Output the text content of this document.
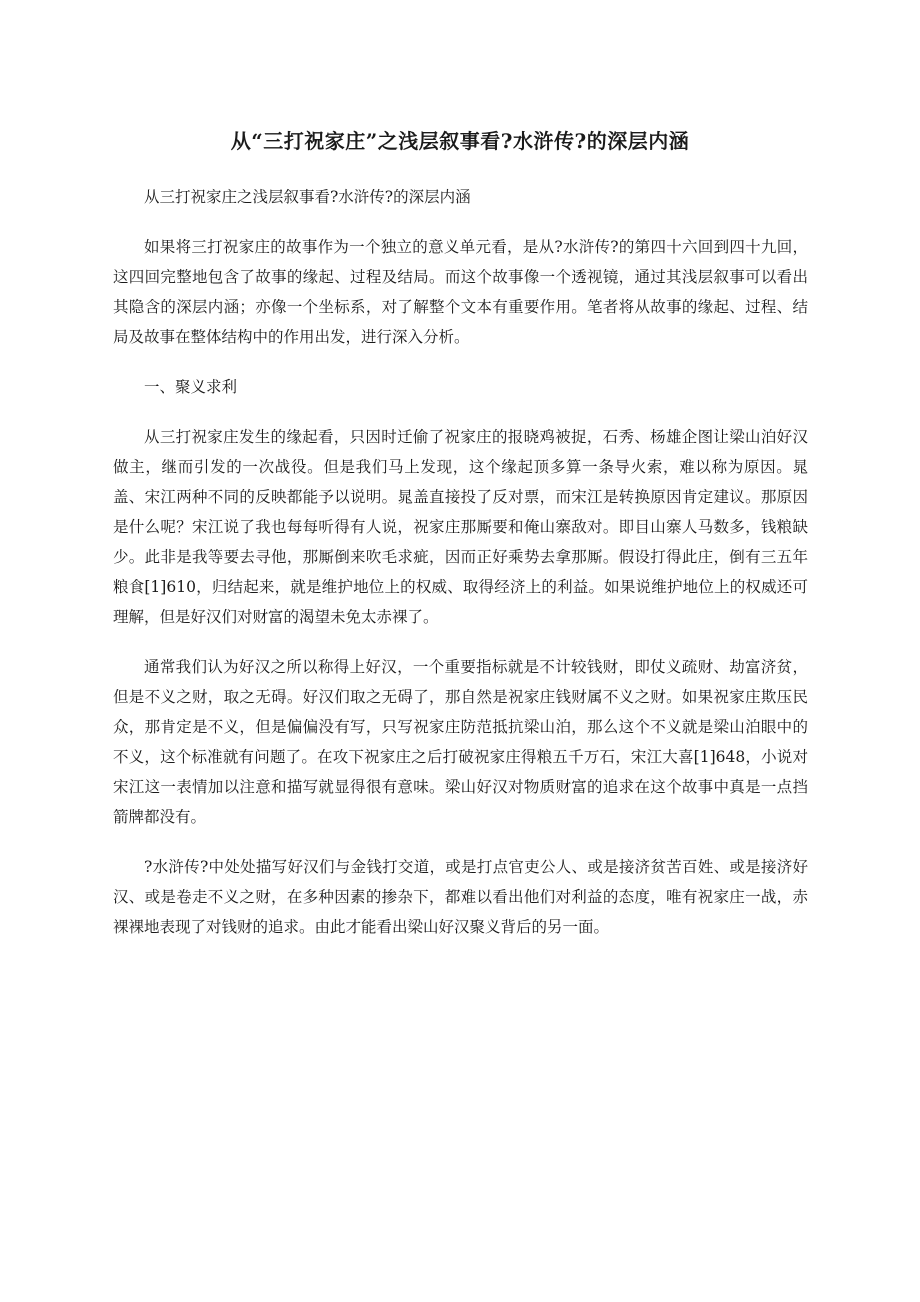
从“三打祝家庄”之浅层叙事看?水浒传?的深层内涵

从三打祝家庄之浅层叙事看?水浒传?的深层内涵

如果将三打祝家庄的故事作为一个独立的意义单元看，是从?水浒传?的第四十六回到四十九回，这四回完整地包含了故事的缘起、过程及结局。而这个故事像一个透视镜，通过其浅层叙事可以看出其隐含的深层内涵；亦像一个坐标系，对了解整个文本有重要作用。笔者将从故事的缘起、过程、结局及故事在整体结构中的作用出发，进行深入分析。

一、聚义求利

从三打祝家庄发生的缘起看，只因时迁偷了祝家庄的报晓鸡被捉，石秀、杨雄企图让梁山泊好汉做主，继而引发的一次战役。但是我们马上发现，这个缘起顶多算一条导火索，难以称为原因。晁盖、宋江两种不同的反映都能予以说明。晁盖直接投了反对票，而宋江是转换原因肯定建议。那原因是什么呢？宋江说了我也每每听得有人说，祝家庄那厮要和俺山寨敌对。即目山寨人马数多，钱粮缺少。此非是我等要去寻他，那厮倒来吹毛求疵，因而正好乘势去拿那厮。假设打得此庄，倒有三五年粮食[1]610，归结起来，就是维护地位上的权威、取得经济上的利益。如果说维护地位上的权威还可理解，但是好汉们对财富的渴望未免太赤裸了。

通常我们认为好汉之所以称得上好汉，一个重要指标就是不计较钱财，即仗义疏财、劫富济贫，但是不义之财，取之无碍。好汉们取之无碍了，那自然是祝家庄钱财属不义之财。如果祝家庄欺压民众，那肯定是不义，但是偏偏没有写，只写祝家庄防范抵抗梁山泊，那么这个不义就是梁山泊眼中的不义，这个标准就有问题了。在攻下祝家庄之后打破祝家庄得粮五千万石，宋江大喜[1]648，小说对宋江这一表情加以注意和描写就显得很有意味。梁山好汉对物质财富的追求在这个故事中真是一点挡箭牌都没有。

?水浒传?中处处描写好汉们与金钱打交道，或是打点官吏公人、或是接济贫苦百姓、或是接济好汉、或是卷走不义之财，在多种因素的掺杂下，都难以看出他们对利益的态度，唯有祝家庄一战，赤裸裸地表现了对钱财的追求。由此才能看出梁山好汉聚义背后的另一面。
